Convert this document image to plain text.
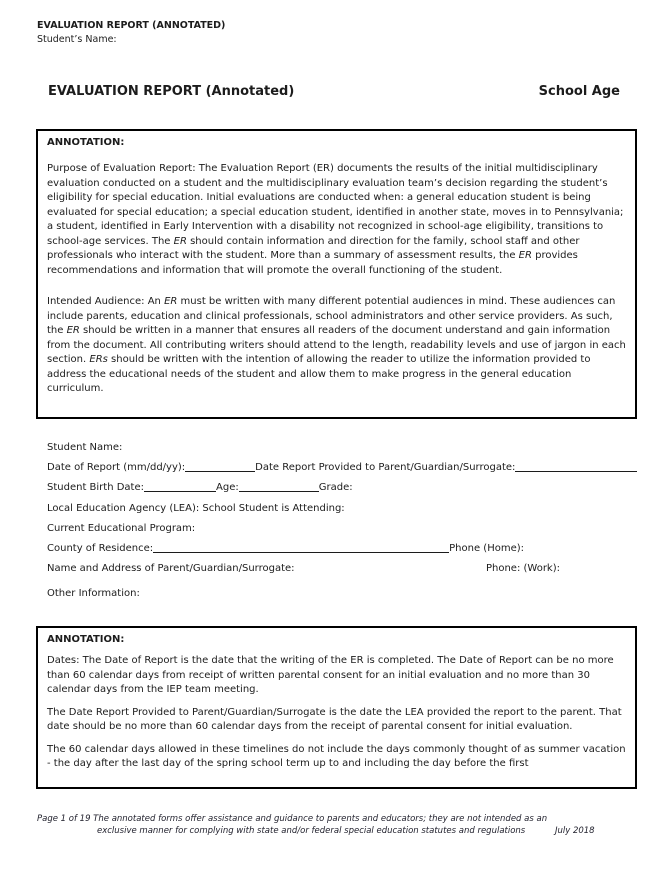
EVALUATION REPORT (ANNOTATED)
Student’s Name:
EVALUATION REPORT (Annotated)	School Age
ANNOTATION:

Purpose of Evaluation Report: The Evaluation Report (ER) documents the results of the initial multidisciplinary evaluation conducted on a student and the multidisciplinary evaluation team’s decision regarding the student’s eligibility for special education. Initial evaluations are conducted when: a general education student is being evaluated for special education; a special education student, identified in another state, moves in to Pennsylvania; a student, identified in Early Intervention with a disability not recognized in school-age eligibility, transitions to school-age services. The ER should contain information and direction for the family, school staff and other professionals who interact with the student. More than a summary of assessment results, the ER provides recommendations and information that will promote the overall functioning of the student.

Intended Audience: An ER must be written with many different potential audiences in mind. These audiences can include parents, education and clinical professionals, school administrators and other service providers. As such, the ER should be written in a manner that ensures all readers of the document understand and gain information from the document. All contributing writers should attend to the length, readability levels and use of jargon in each section. ERs should be written with the intention of allowing the reader to utilize the information provided to address the educational needs of the student and allow them to make progress in the general education curriculum.

Student Name:
Date of Report (mm/dd/yy):	Date Report Provided to Parent/Guardian/Surrogate:
Student Birth Date:	Age:	Grade:
Local Education Agency (LEA): School Student is Attending:
Current Educational Program:
County of Residence:	Phone (Home):
Name and Address of Parent/Guardian/Surrogate:	Phone: (Work):
Other Information:
ANNOTATION:

Dates: The Date of Report is the date that the writing of the ER is completed. The Date of Report can be no more than 60 calendar days from receipt of written parental consent for an initial evaluation and no more than 30 calendar days from the IEP team meeting.

The Date Report Provided to Parent/Guardian/Surrogate is the date the LEA provided the report to the parent. That date should be no more than 60 calendar days from the receipt of parental consent for initial evaluation.

The 60 calendar days allowed in these timelines do not include the days commonly thought of as summer vacation - the day after the last day of the spring school term up to and including the day before the first

Page 1 of 19 The annotated forms offer assistance and guidance to parents and educators; they are not intended as an
exclusive manner for complying with state and/or federal special education statutes and regulations	July 2018
